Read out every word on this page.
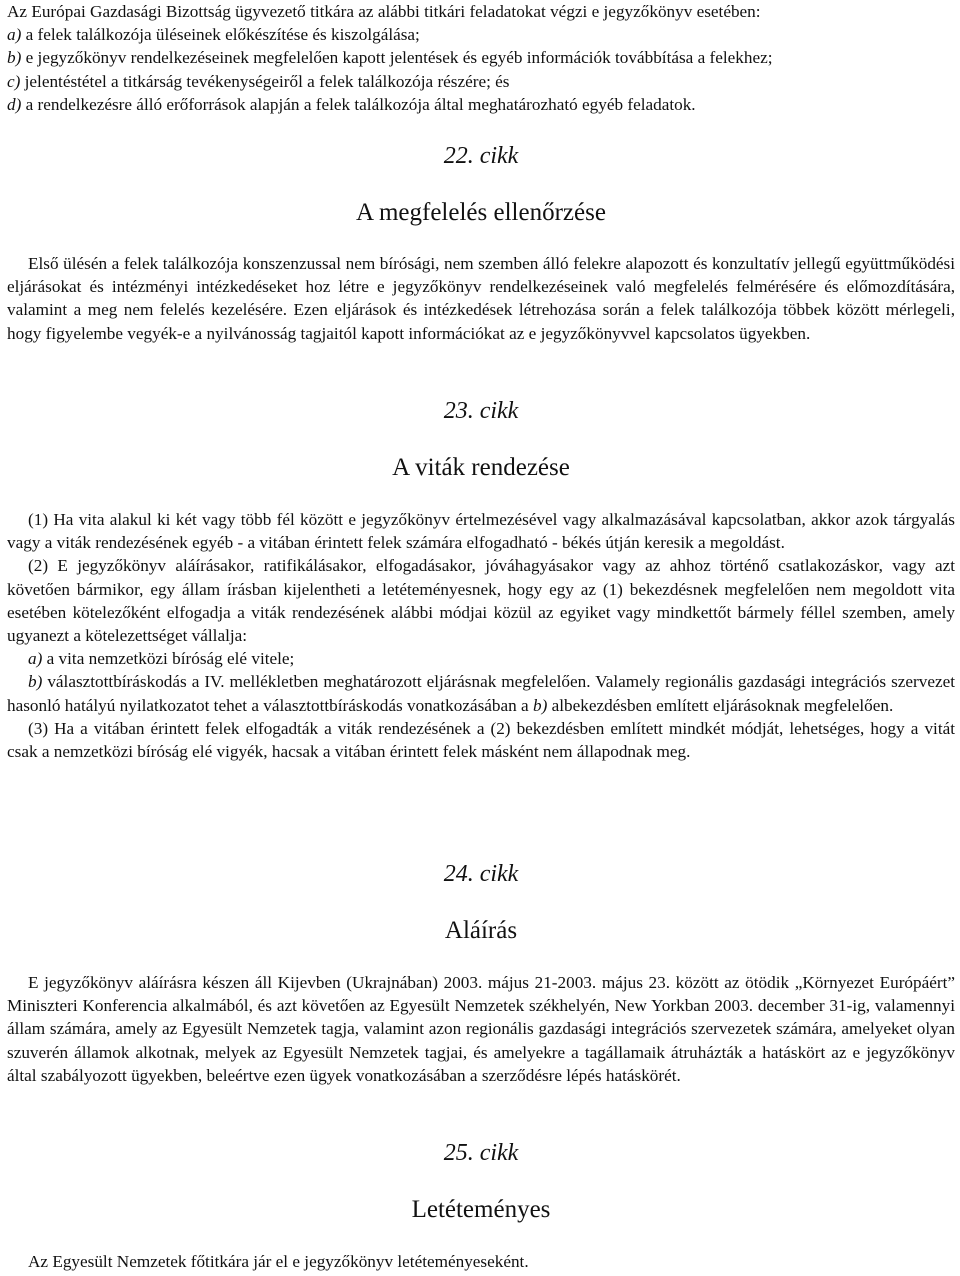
Az Európai Gazdasági Bizottság ügyvezető titkára az alábbi titkári feladatokat végzi e jegyzőkönyv esetében:

a) a felek találkozója üléseinek előkészítése és kiszolgálása;

b) e jegyzőkönyv rendelkezéseinek megfelelően kapott jelentések és egyéb információk továbbítása a felekhez;

c) jelentéstétel a titkárság tevékenységeiről a felek találkozója részére; és

d) a rendelkezésre álló erőforrások alapján a felek találkozója által meghatározható egyéb feladatok.

22. cikk
A megfelelés ellenőrzése

Első ülésén a felek találkozója konszenzussal nem bírósági, nem szemben álló felekre alapozott és konzultatív jellegű együttműködési eljárásokat és intézményi intézkedéseket hoz létre e jegyzőkönyv rendelkezéseinek való megfelelés felmérésére és előmozdítására, valamint a meg nem felelés kezelésére. Ezen eljárások és intézkedések létrehozása során a felek találkozója többek között mérlegeli, hogy figyelembe vegyék-e a nyilvánosság tagjaitól kapott információkat az e jegyzőkönyvvel kapcsolatos ügyekben.

23. cikk
A viták rendezése

(1) Ha vita alakul ki két vagy több fél között e jegyzőkönyv értelmezésével vagy alkalmazásával kapcsolatban, akkor azok tárgyalás vagy a viták rendezésének egyéb - a vitában érintett felek számára elfogadható - békés útján keresik a megoldást.

(2) E jegyzőkönyv aláírásakor, ratifikálásakor, elfogadásakor, jóváhagyásakor vagy az ahhoz történő csatlakozáskor, vagy azt követően bármikor, egy állam írásban kijelentheti a letéteményesnek, hogy egy az (1) bekezdésnek megfelelően nem megoldott vita esetében kötelezőként elfogadja a viták rendezésének alábbi módjai közül az egyiket vagy mindkettőt bármely féllel szemben, amely ugyanezt a kötelezettséget vállalja:

a) a vita nemzetközi bíróság elé vitele;

b) választottbíráskodás a IV. mellékletben meghatározott eljárásnak megfelelően. Valamely regionális gazdasági integrációs szervezet hasonló hatályú nyilatkozatot tehet a választottbíráskodás vonatkozásában a b) albekezdésben említett eljárásoknak megfelelően.

(3) Ha a vitában érintett felek elfogadták a viták rendezésének a (2) bekezdésben említett mindkét módját, lehetséges, hogy a vitát csak a nemzetközi bíróság elé vigyék, hacsak a vitában érintett felek másként nem állapodnak meg.

24. cikk
Aláírás

E jegyzőkönyv aláírásra készen áll Kijevben (Ukrajnában) 2003. május 21-2003. május 23. között az ötödik „Környezet Európáért” Miniszteri Konferencia alkalmából, és azt követően az Egyesült Nemzetek székhelyén, New Yorkban 2003. december 31-ig, valamennyi állam számára, amely az Egyesült Nemzetek tagja, valamint azon regionális gazdasági integrációs szervezetek számára, amelyeket olyan szuverén államok alkotnak, melyek az Egyesült Nemzetek tagjai, és amelyekre a tagállamaik átruházták a hatáskört az e jegyzőkönyv által szabályozott ügyekben, beleértve ezen ügyek vonatkozásában a szerződésre lépés hatáskörét.

25. cikk
Letéteményes

Az Egyesült Nemzetek főtitkára jár el e jegyzőkönyv letéteményeseként.
